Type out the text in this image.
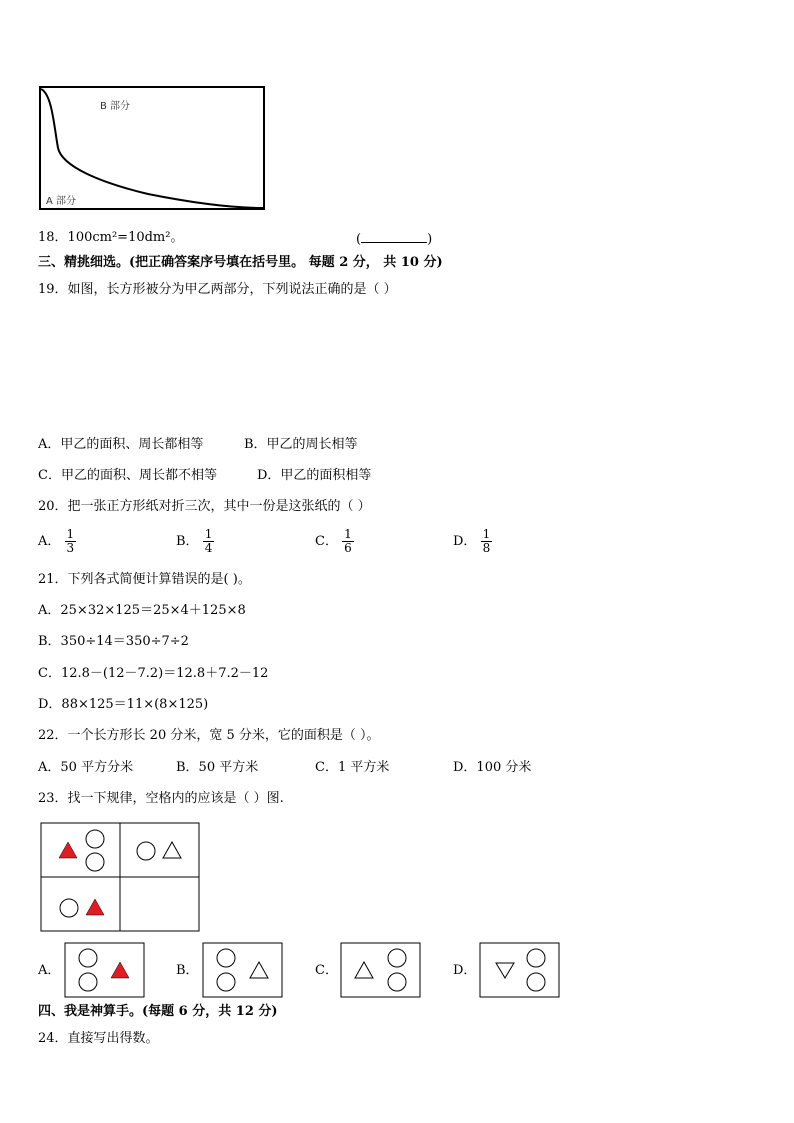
B 部分
A 部分
18．100cm²=10dm²。	(	)
三、精挑细选。(把正确答案序号填在括号里。 每题 2 分， 共 10 分)
19．如图，长方形被分为甲乙两部分，下列说法正确的是（ ）
A．甲乙的面积、周长都相等	B．甲乙的周长相等
C．甲乙的面积、周长都不相等	D．甲乙的面积相等
20．把一张正方形纸对折三次，其中一份是这张纸的（ ）
A． $\frac{1}{3}$	B． $\frac{1}{4}$	C． $\frac{1}{6}$	D． $\frac{1}{8}$
21．下列各式简便计算错误的是( )。
A．25×32×125＝25×4＋125×8
B．350÷14＝350÷7÷2
C．12.8－(12－7.2)＝12.8＋7.2－12
D．88×125＝11×(8×125)
22．一个长方形长 20 分米，宽 5 分米，它的面积是（ ）。
A．50 平方分米	B．50 平方米	C．1 平方米	D．100 分米
23．找一下规律，空格内的应该是（ ）图.
A．	B．	C．	D．
四、我是神算手。(每题 6 分，共 12 分)
24．直接写出得数。
